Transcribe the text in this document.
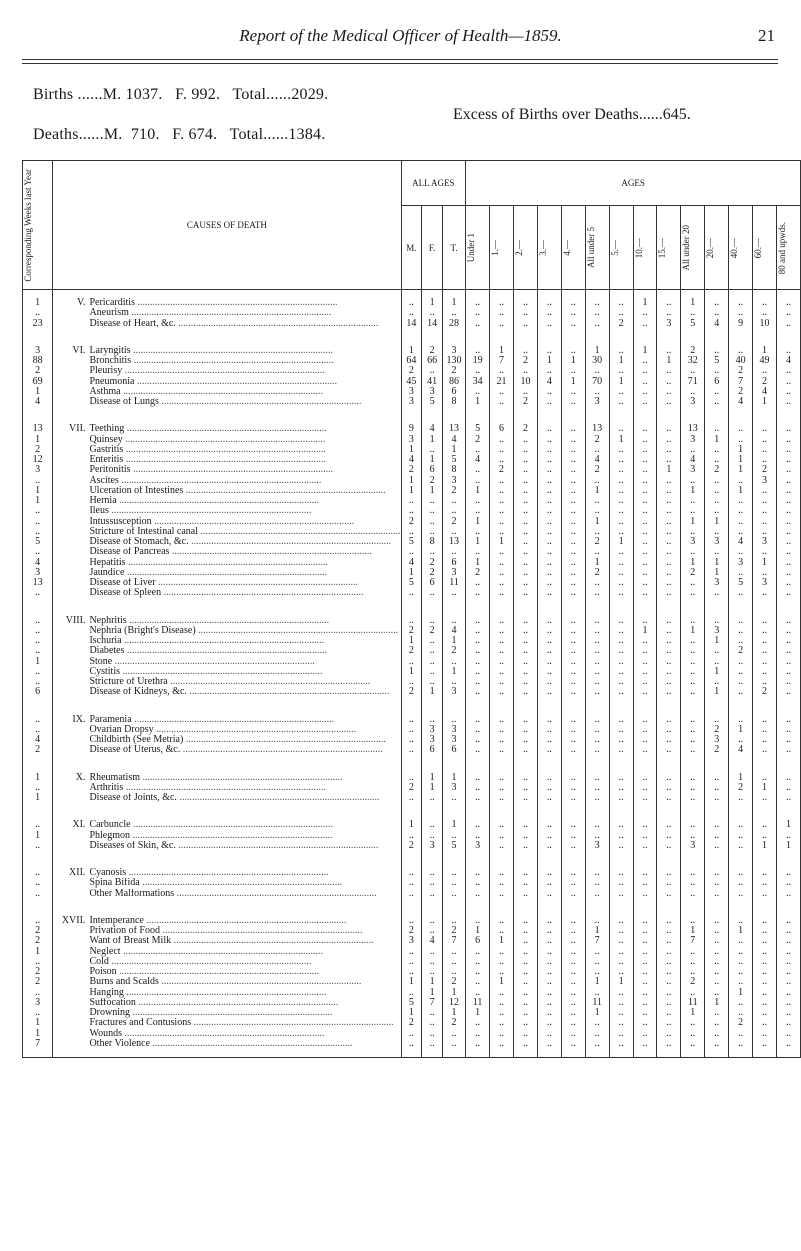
Report of the Medical Officer of Health—1859.	21
Births ......M. 1037.   F. 992.   Total......2029.
Deaths......M.  710.   F. 674.   Total......1384.
Excess of Births over Deaths......645.
Corresponding Weeks last Year	CAUSES OF DEATH			ALL AGES			AGES													
				M.	F.	T.	Under 1	1.—	2.—	3.—	4.—	All under 5	5.—	10.—	15.—	All under 20	20.—	40.—	60.—	80 and upwds.

1		V.	Pericarditis ................................................................................	..	1	1	..	..	..	..	..	..	..	1	..	1	..	..	..	..
..			Aneurism ................................................................................	..	..	..	..	..	..	..	..	..	..	..	..	..	..	..	..	..
23			Disease of Heart, &c. ................................................................................	14	14	28	..	..	..	..	..	..	2	..	3	5	4	9	10	..

3		VI.	Laryngitis ................................................................................	1	2	3	..	1	..	..	..	1	..	1	..	2	..	..	1	..
88			Bronchitis ................................................................................	64	66	130	19	7	2	1	1	30	1	..	1	32	5	40	49	4
2			Pleurisy ................................................................................	2	..	2	..	..	..	..	..	..	..	..	..	..	..	2	..	..
69			Pneumonia ................................................................................	45	41	86	34	21	10	4	1	70	1	..	..	71	6	7	2	..
1			Asthma ................................................................................	3	3	6	..	..	..	..	..	..	..	..	..	..	..	2	4	..
4			Disease of Lungs ................................................................................	3	5	8	1	..	2	..	..	3	..	..	..	3	..	4	1	..

13		VII.	Teething ................................................................................	9	4	13	5	6	2	..	..	13	..	..	..	13	..	..	..	..
1			Quinsey ................................................................................	3	1	4	2	..	..	..	..	2	1	..	..	3	1	..	..	..
2			Gastritis ................................................................................	1	..	1	..	..	..	..	..	..	..	..	..	..	..	1	..	..
12			Enteritis ................................................................................	4	1	5	4	..	..	..	..	4	..	..	..	4	..	1	..	..
3			Peritonitis ................................................................................	2	6	8	..	2	..	..	..	2	..	..	1	3	2	1	2	..
..			Ascites ................................................................................	1	2	3	..	..	..	..	..	..	..	..	..	..	..	..	3	..
1			Ulceration of Intestines ................................................................................	1	1	2	1	..	..	..	..	1	..	..	..	1	..	1	..	..
1			Hernia ................................................................................	..	..	..	..	..	..	..	..	..	..	..	..	..	..	..	..	..
..			Ileus ................................................................................	..	..	..	..	..	..	..	..	..	..	..	..	..	..	..	..	..
..			Intussusception ................................................................................	2	..	2	1	..	..	..	..	1	..	..	..	1	1	..	..	..
..			Stricture of Intestinal canal ................................................................................	..	..	..	..	..	..	..	..	..	..	..	..	..	..	..	..	..
5			Disease of Stomach, &c. ................................................................................	5	8	13	1	1	..	..	..	2	1	..	..	3	3	4	3	..
..			Disease of Pancreas ................................................................................	..	..	..	..	..	..	..	..	..	..	..	..	..	..	..	..	..
4			Hepatitis ................................................................................	4	2	6	1	..	..	..	..	1	..	..	..	1	1	3	1	..
3			Jaundice ................................................................................	1	2	3	2	..	..	..	..	2	..	..	..	2	1	..	..	..
13			Disease of Liver ................................................................................	5	6	11	..	..	..	..	..	..	..	..	..	..	3	5	3	..
..			Disease of Spleen ................................................................................	..	..	..	..	..	..	..	..	..	..	..	..	..	..	..	..	..

..		VIII.	Nephritis ................................................................................	..	..	..	..	..	..	..	..	..	..	..	..	..	..	..	..	..
..			Nephria (Bright's Disease) ................................................................................	2	2	4	..	..	..	..	..	..	..	1	..	1	3	..	..	..
..			Ischuria ................................................................................	1	..	1	..	..	..	..	..	..	..	..	..	..	1	..	..	..
..			Diabetes ................................................................................	2	..	2	..	..	..	..	..	..	..	..	..	..	..	2	..	..
1			Stone ................................................................................	..	..	..	..	..	..	..	..	..	..	..	..	..	..	..	..	..
..			Cystitis ................................................................................	1	..	1	..	..	..	..	..	..	..	..	..	..	1	..	..	..
..			Stricture of Urethra ................................................................................	..	..	..	..	..	..	..	..	..	..	..	..	..	..	..	..	..
6			Disease of Kidneys, &c. ................................................................................	2	1	3	..	..	..	..	..	..	..	..	..	..	1	..	2	..

..		IX.	Paramenia ................................................................................	..	..	..	..	..	..	..	..	..	..	..	..	..	..	..	..	..
..			Ovarian Dropsy ................................................................................	..	3	3	..	..	..	..	..	..	..	..	..	..	2	1	..	..
4			Childbirth (See Metria) ................................................................................	..	3	3	..	..	..	..	..	..	..	..	..	..	3	..	..	..
2			Disease of Uterus, &c. ................................................................................	..	6	6	..	..	..	..	..	..	..	..	..	..	2	4	..	..

1		X.	Rheumatism ................................................................................	..	1	1	..	..	..	..	..	..	..	..	..	..	..	1	..	..
..			Arthritis ................................................................................	2	1	3	..	..	..	..	..	..	..	..	..	..	..	2	1	..
1			Disease of Joints, &c. ................................................................................	..	..	..	..	..	..	..	..	..	..	..	..	..	..	..	..	..

..		XI.	Carbuncle ................................................................................	1	..	1	..	..	..	..	..	..	..	..	..	..	..	..	..	1
1			Phlegmon ................................................................................	..	..	..	..	..	..	..	..	..	..	..	..	..	..	..	..	..
..			Diseases of Skin, &c. ................................................................................	2	3	5	3	..	..	..	..	3	..	..	..	3	..	..	1	1

..		XII.	Cyanosis ................................................................................	..	..	..	..	..	..	..	..	..	..	..	..	..	..	..	..	..
..			Spina Bifida ................................................................................	..	..	..	..	..	..	..	..	..	..	..	..	..	..	..	..	..
..			Other Malformations ................................................................................	..	..	..	..	..	..	..	..	..	..	..	..	..	..	..	..	..

..		XVII.	Intemperance ................................................................................	..	..	..	..	..	..	..	..	..	..	..	..	..	..	..	..	..
2			Privation of Food ................................................................................	2	..	2	1	..	..	..	..	1	..	..	..	1	..	1	..	..
2			Want of Breast Milk ................................................................................	3	4	7	6	1	..	..	..	7	..	..	..	7	..	..	..	..
1			Neglect ................................................................................	..	..	..	..	..	..	..	..	..	..	..	..	..	..	..	..	..
..			Cold ................................................................................	..	..	..	..	..	..	..	..	..	..	..	..	..	..	..	..	..
2			Poison ................................................................................	..	..	..	..	..	..	..	..	..	..	..	..	..	..	..	..	..
2			Burns and Scalds ................................................................................	1	1	2	..	1	..	..	..	1	1	..	..	2	..	..	..	..
..			Hanging ................................................................................	..	1	1	..	..	..	..	..	..	..	..	..	..	..	1	..	..
3			Suffocation ................................................................................	5	7	12	11	..	..	..	..	11	..	..	..	11	1	..	..	..
..			Drowning ................................................................................	1	..	1	1	..	..	..	..	1	..	..	..	1	..	..	..	..
1			Fractures and Contusions ................................................................................	2	..	2	..	..	..	..	..	..	..	..	..	..	..	2	..	..
1			Wounds ................................................................................	..	..	..	..	..	..	..	..	..	..	..	..	..	..	..	..	..
7			Other Violence ................................................................................	..	..	..	..	..	..	..	..	..	..	..	..	..	..	..	..	..
